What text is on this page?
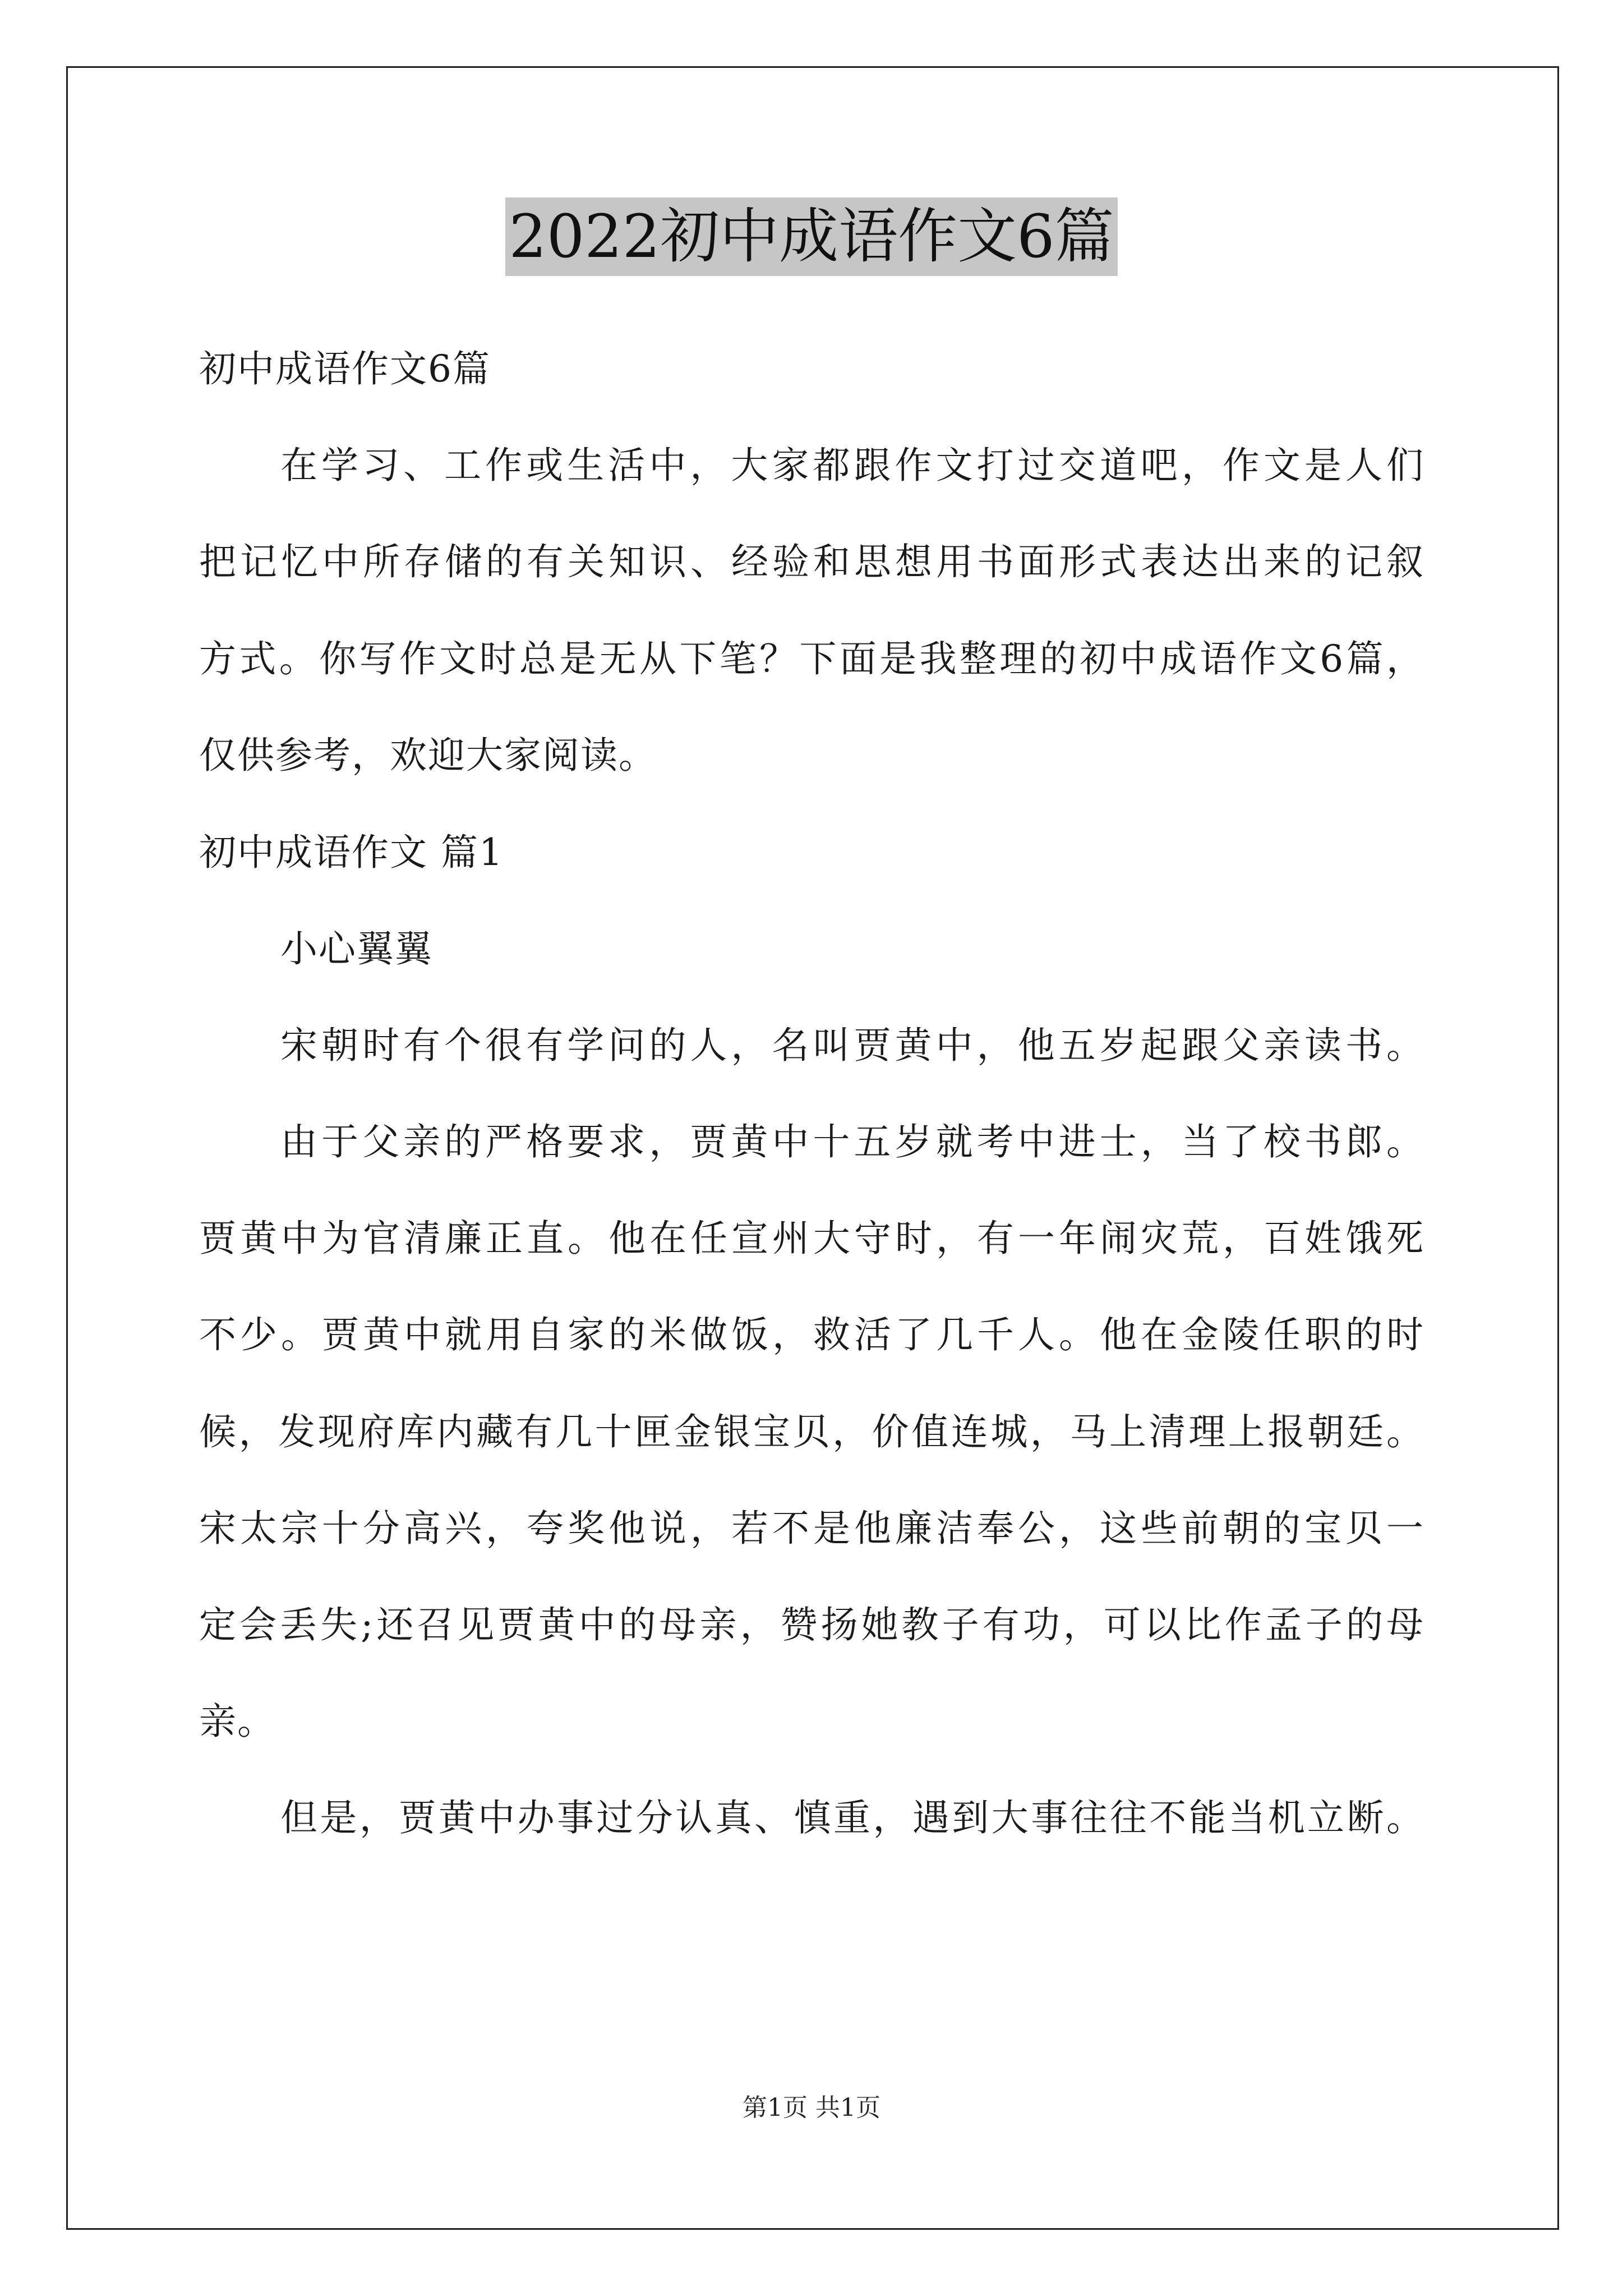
2022初中成语作文6篇
初中成语作文6篇
在学习、工作或生活中，大家都跟作文打过交道吧，作文是人们
把记忆中所存储的有关知识、经验和思想用书面形式表达出来的记叙
方式。你写作文时总是无从下笔？下面是我整理的初中成语作文6篇，
仅供参考，欢迎大家阅读。
初中成语作文 篇1
小心翼翼
宋朝时有个很有学问的人，名叫贾黄中，他五岁起跟父亲读书。
由于父亲的严格要求，贾黄中十五岁就考中进士，当了校书郎。
贾黄中为官清廉正直。他在任宣州大守时，有一年闹灾荒，百姓饿死
不少。贾黄中就用自家的米做饭，救活了几千人。他在金陵任职的时
候，发现府库内藏有几十匣金银宝贝，价值连城，马上清理上报朝廷。
宋太宗十分高兴，夸奖他说，若不是他廉洁奉公，这些前朝的宝贝一
定会丢失;还召见贾黄中的母亲，赞扬她教子有功，可以比作孟子的母
亲。
但是，贾黄中办事过分认真、慎重，遇到大事往往不能当机立断。
第1页 共1页
